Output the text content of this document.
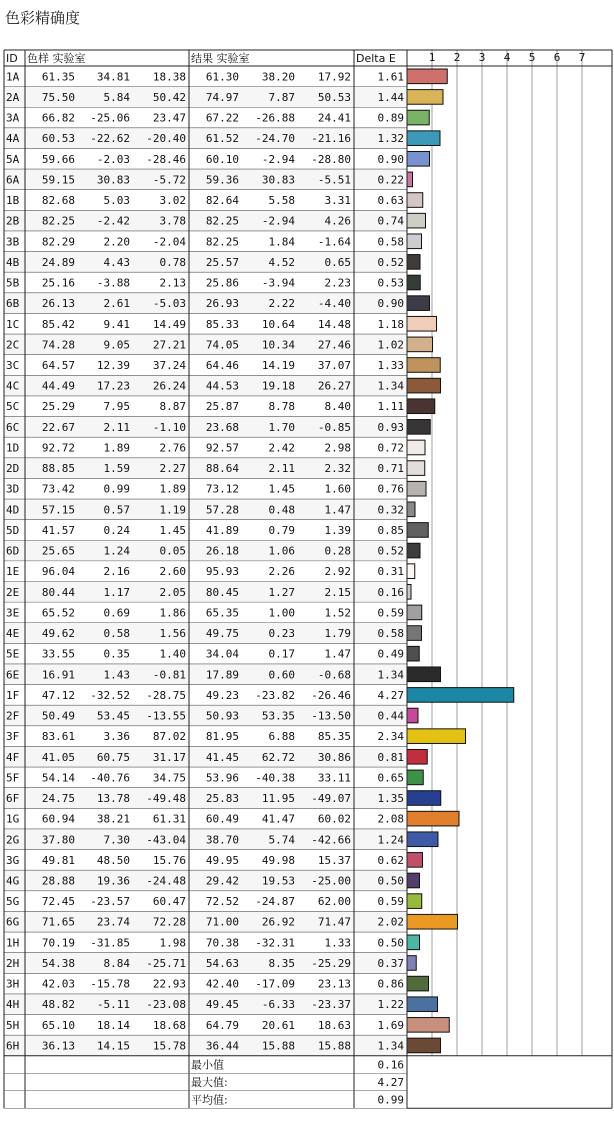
色彩精确度
ID 色样 实验室	结果 实验室	Delta E	1 2 3 4 5 6 7
1A 61.35 34.81 18.38 61.30 38.20 17.92 1.61
2A 75.50	5.84 50.42 74.97	7.87 50.53 1.44
3A 66.82 -25.06 23.47 67.22 -26.88 24.41 0.89
4A 60.53 -22.62 -20.40 61.52 -24.70 -21.16 1.32
5A 59.66 -2.03 -28.46 60.10 -2.94 -28.80 0.90
6A 59.15 30.83 -5.72 59.36 30.83 -5.51 0.22
1B 82.68	5.03	3.02 82.64	5.58	3.31 0.63
2B 82.25 -2.42	3.78 82.25 -2.94	4.26 0.74
3B 82.29	2.20 -2.04 82.25	1.84 -1.64 0.58
4B 24.89	4.43	0.78 25.57	4.52	0.65 0.52
5B 25.16 -3.88	2.13 25.86 -3.94	2.23 0.53
6B 26.13	2.61 -5.03 26.93	2.22 -4.40 0.90
1C 85.42	9.41 14.49 85.33 10.64 14.48 1.18
2C 74.28	9.05 27.21 74.05 10.34 27.46 1.02
3C 64.57 12.39 37.24 64.46 14.19 37.07 1.33
4C 44.49 17.23 26.24 44.53 19.18 26.27 1.34
5C 25.29	7.95	8.87 25.87	8.78	8.40 1.11
6C 22.67	2.11 -1.10 23.68	1.70 -0.85 0.93
1D 92.72	1.89	2.76 92.57	2.42	2.98 0.72
2D 88.85	1.59	2.27 88.64	2.11	2.32 0.71
3D 73.42	0.99	1.89 73.12	1.45	1.60 0.76
4D 57.15	0.57	1.19 57.28	0.48	1.47 0.32
5D 41.57	0.24	1.45 41.89	0.79	1.39 0.85
6D 25.65	1.24	0.05 26.18	1.06	0.28 0.52
1E 96.04	2.16	2.60 95.93	2.26	2.92 0.31
2E 80.44	1.17	2.05 80.45	1.27	2.15 0.16
3E 65.52	0.69	1.86 65.35	1.00	1.52 0.59
4E 49.62	0.58	1.56 49.75	0.23	1.79 0.58
5E 33.55	0.35	1.40 34.04	0.17	1.47 0.49
6E 16.91	1.43 -0.81 17.89	0.60 -0.68 1.34
1F 47.12 -32.52 -28.75 49.23 -23.82 -26.46 4.27
2F 50.49 53.45 -13.55 50.93 53.35 -13.50 0.44
3F 83.61	3.36 87.02 81.95	6.88 85.35 2.34
4F 41.05 60.75 31.17 41.45 62.72 30.86 0.81
5F 54.14 -40.76 34.75 53.96 -40.38 33.11 0.65
6F 24.75 13.78 -49.48 25.83 11.95 -49.07 1.35
1G 60.94 38.21 61.31 60.49 41.47 60.02 2.08
2G 37.80	7.30 -43.04 38.70	5.74 -42.66 1.24
3G 49.81 48.50 15.76 49.95 49.98 15.37 0.62
4G 28.88 19.36 -24.48 29.42 19.53 -25.00 0.50
5G 72.45 -23.57 60.47 72.52 -24.87 62.00 0.59
6G 71.65 23.74 72.28 71.00 26.92 71.47 2.02
1H 70.19 -31.85	1.98 70.38 -32.31	1.33 0.50
2H 54.38	8.84 -25.71 54.63	8.35 -25.29 0.37
3H 42.03 -15.78 22.93 42.40 -17.09 23.13 0.86
4H 48.82 -5.11 -23.08 49.45 -6.33 -23.37 1.22
5H 65.10 18.14 18.68 64.79 20.61 18.63 1.69
6H 36.13 14.15 15.78 36.44 15.88 15.88 1.34
最小值	0.16
最大值:	4.27
平均值:	0.99
